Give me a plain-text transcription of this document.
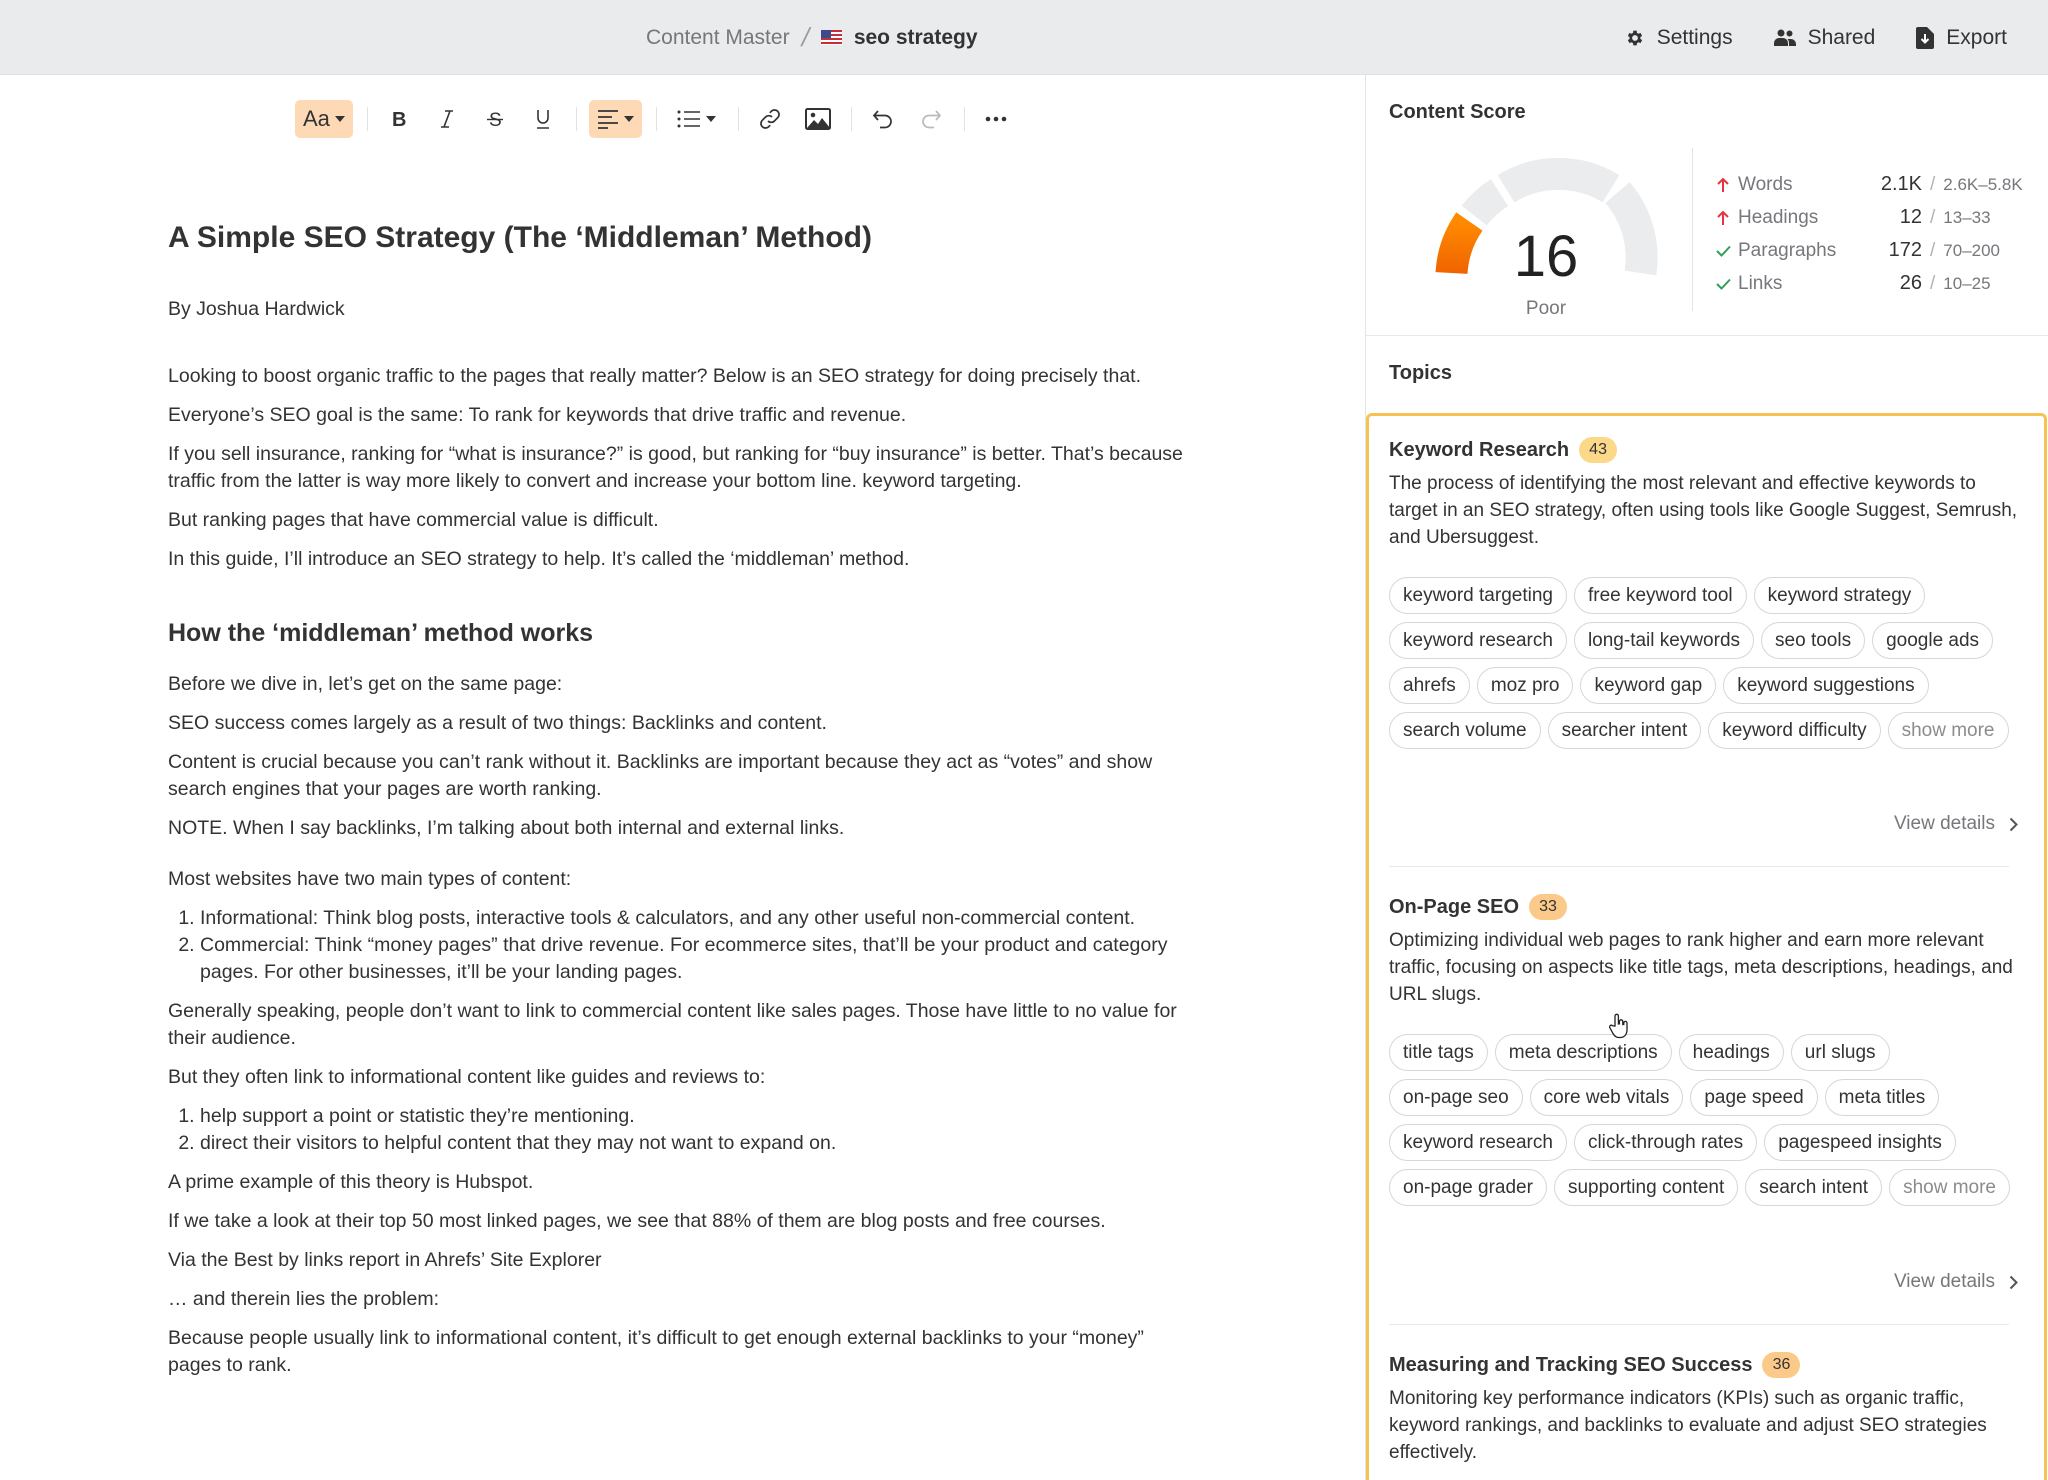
Content Master / seo strategy	Settings	Shared	Export
Aa	B	S
A Simple SEO Strategy (The ‘Middleman’ Method)

By Joshua Hardwick

Looking to boost organic traffic to the pages that really matter? Below is an SEO strategy for doing precisely that.

Everyone’s SEO goal is the same: To rank for keywords that drive traffic and revenue.

If you sell insurance, ranking for “what is insurance?” is good, but ranking for “buy insurance” is better. That’s because traffic from the latter is way more likely to convert and increase your bottom line. keyword targeting.

But ranking pages that have commercial value is difficult.

In this guide, I’ll introduce an SEO strategy to help. It’s called the ‘middleman’ method.

How the ‘middleman’ method works

Before we dive in, let’s get on the same page:

SEO success comes largely as a result of two things: Backlinks and content.

Content is crucial because you can’t rank without it. Backlinks are important because they act as “votes” and show search engines that your pages are worth ranking.

NOTE. When I say backlinks, I’m talking about both internal and external links.

Most websites have two main types of content:

1. Informational: Think blog posts, interactive tools & calculators, and any other useful non-commercial content.
2. Commercial: Think “money pages” that drive revenue. For ecommerce sites, that’ll be your product and category pages. For other businesses, it’ll be your landing pages.

Generally speaking, people don’t want to link to commercial content like sales pages. Those have little to no value for their audience.

But they often link to informational content like guides and reviews to:

1. help support a point or statistic they’re mentioning.
2. direct their visitors to helpful content that they may not want to expand on.

A prime example of this theory is Hubspot.

If we take a look at their top 50 most linked pages, we see that 88% of them are blog posts and free courses.

Via the Best by links report in Ahrefs’ Site Explorer

… and therein lies the problem:

Because people usually link to informational content, it’s difficult to get enough external backlinks to your “money” pages to rank.

Content Score
16
Poor
Words	2.1K / 2.6K–5.8K
Headings	12 / 13–33
Paragraphs	172 / 70–200
Links	26 / 10–25
Topics
Keyword Research	43
The process of identifying the most relevant and effective keywords to target in an SEO strategy, often using tools like Google Suggest, Semrush, and Ubersuggest.
keyword targeting	free keyword tool	keyword strategy
keyword research	long-tail keywords	seo tools	google ads
ahrefs	moz pro	keyword gap	keyword suggestions
search volume	searcher intent	keyword difficulty	show more
View details
On-Page SEO	33
Optimizing individual web pages to rank higher and earn more relevant traffic, focusing on aspects like title tags, meta descriptions, headings, and URL slugs.
title tags	meta descriptions	headings	url slugs
on-page seo	core web vitals	page speed	meta titles
keyword research	click-through rates	pagespeed insights
on-page grader	supporting content	search intent	show more
View details
Measuring and Tracking SEO Success	36
Monitoring key performance indicators (KPIs) such as organic traffic, keyword rankings, and backlinks to evaluate and adjust SEO strategies effectively.
